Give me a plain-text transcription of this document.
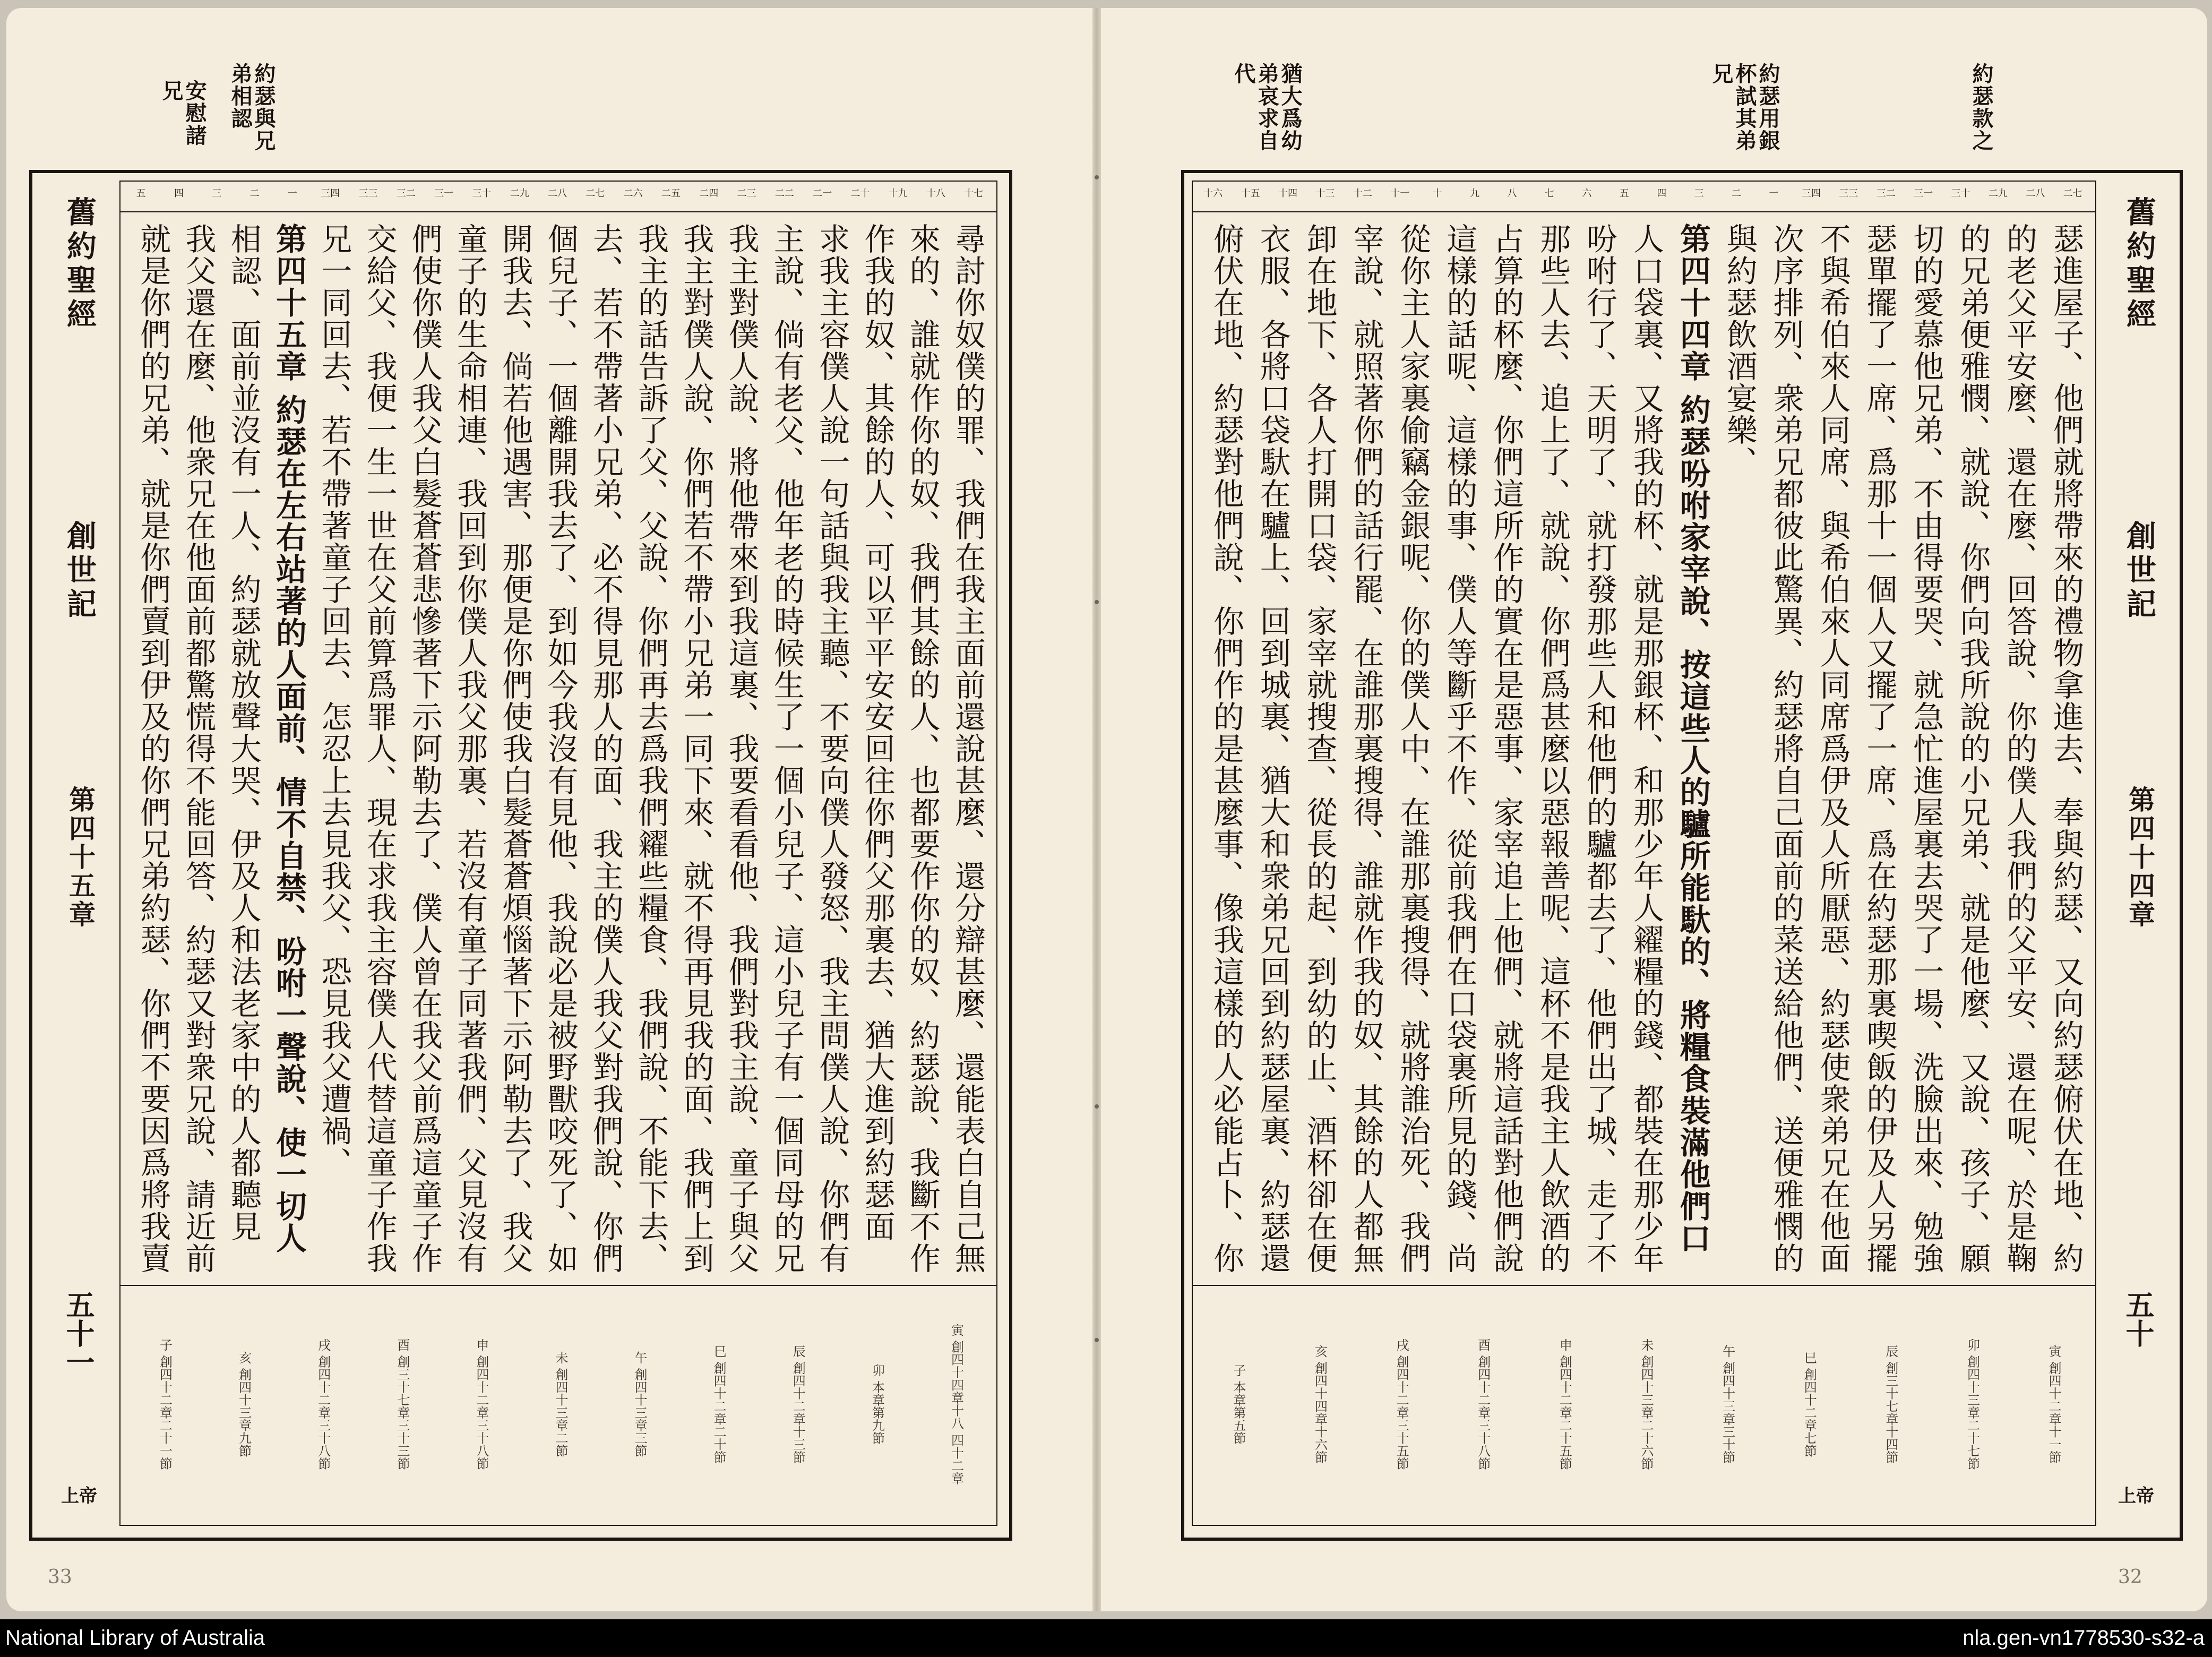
約瑟與兄弟相認
安慰諸兄	猶大爲幼弟哀求自代
舊約聖經
創世記
第四十五章
五十一
上帝
十七
十八
十九
二十
二一
二二
二三
二四
二五
二六
二七
二八
二九
三十
三一
三二
三三
三四
一
二
三
四
五
尋討你奴僕的罪、我們在我主面前還說甚麼、還分辯甚麼、還能表白自己無
來的、誰就作你的奴、我們其餘的人、也都要作你的奴、約瑟說、我斷不作
作我的奴、其餘的人、可以平平安安回往你們父那裏去、猶大進到約瑟面
求我主容僕人說一句話與我主聽、不要向僕人發怒、我主問僕人說、你們有
主說、倘有老父、他年老的時候生了一個小兒子、這小兒子有一個同母的兄
我主對僕人說、將他帶來到我這裏、我要看看他、我們對我主說、童子與父
我主對僕人說、你們若不帶小兄弟一同下來、就不得再見我的面、我們上到
我主的話告訴了父、父說、你們再去爲我們糴些糧食、我們說、不能下去、
去、若不帶著小兄弟、必不得見那人的面、我主的僕人我父對我們說、你們
個兒子、一個離開我去了、到如今我沒有見他、我說必是被野獸咬死了、如
開我去、倘若他遇害、那便是你們使我白髮蒼蒼煩惱著下示阿勒去了、我父
童子的生命相連、我回到你僕人我父那裏、若沒有童子同著我們、父見沒有
們使你僕人我父白髮蒼蒼悲慘著下示阿勒去了、僕人曾在我父前爲這童子作
交給父、我便一生一世在父前算爲罪人、現在求我主容僕人代替這童子作我
兄一同回去、若不帶著童子回去、怎忍上去見我父、恐見我父遭禍、
第四十五章 約瑟在左右站著的人面前、情不自禁、吩咐一聲說、使一切人
相認、面前並沒有一人、約瑟就放聲大哭、伊及人和法老家中的人都聽見
我父還在麼、他衆兄在他面前都驚慌得不能回答、約瑟又對衆兄說、請近前
就是你們的兄弟、就是你們賣到伊及的你們兄弟約瑟、你們不要因爲將我賣
寅 創四十四章十八 四十二章
卯 本章第九節
辰 創四十二章十三節
巳 創四十二章二十節
午 創四十三章三節
未 創四十三章二節
申 創四十二章三十八節
酉 創三十七章三十三節
戌 創四十二章三十八節
亥 創四十三章九節
子 創四十二章二十一節
約瑟用銀杯試其弟兄	約瑟款之
舊約聖經
創世記
第四十四章
五十
上帝
二七
二八
二九
三十
三一
三二
三三
三四
一
二
三
四
五
六
七
八
九
十
十一
十二
十三
十四
十五
十六
瑟進屋子、他們就將帶來的禮物拿進去、奉與約瑟、又向約瑟俯伏在地、約
的老父平安麼、還在麼、回答說、你的僕人我們的父平安、還在呢、於是鞠
的兄弟便雅憫、就說、你們向我所說的小兄弟、就是他麼、又說、孩子、願
切的愛慕他兄弟、不由得要哭、就急忙進屋裏去哭了一場、洗臉出來、勉強
瑟單擺了一席、爲那十一個人又擺了一席、爲在約瑟那裏喫飯的伊及人另擺
不與希伯來人同席、與希伯來人同席爲伊及人所厭惡、約瑟使衆弟兄在他面
次序排列、衆弟兄都彼此驚異、約瑟將自己面前的菜送給他們、送便雅憫的
與約瑟飲酒宴樂、
第四十四章 約瑟吩咐家宰說、按這些人的驢所能馱的、將糧食裝滿他們口
人口袋裏、又將我的杯、就是那銀杯、和那少年人糴糧的錢、都裝在那少年
吩咐行了、天明了、就打發那些人和他們的驢都去了、他們出了城、走了不
那些人去、追上了、就說、你們爲甚麼以惡報善呢、這杯不是我主人飲酒的
占算的杯麼、你們這所作的實在是惡事、家宰追上他們、就將這話對他們說
這樣的話呢、這樣的事、僕人等斷乎不作、從前我們在口袋裏所見的錢、尚
從你主人家裏偷竊金銀呢、你的僕人中、在誰那裏搜得、就將誰治死、我們
宰說、就照著你們的話行罷、在誰那裏搜得、誰就作我的奴、其餘的人都無
卸在地下、各人打開口袋、家宰就搜查、從長的起、到幼的止、酒杯卻在便
衣服、各將口袋馱在驢上、回到城裏、猶大和衆弟兄回到約瑟屋裏、約瑟還
俯伏在地、約瑟對他們說、你們作的是甚麼事、像我這樣的人必能占卜、你
寅 創四十二章十一節
卯 創四十三章二十七節
辰 創三十七章十四節
巳 創四十二章七節
午 創四十三章三十節
未 創四十三章二十六節
申 創四十二章二十五節
酉 創四十二章三十八節
戌 創四十二章三十五節
亥 創四十四章十六節
子 本章第五節
33	32
National Library of Australia	nla.gen-vn1778530-s32-a
